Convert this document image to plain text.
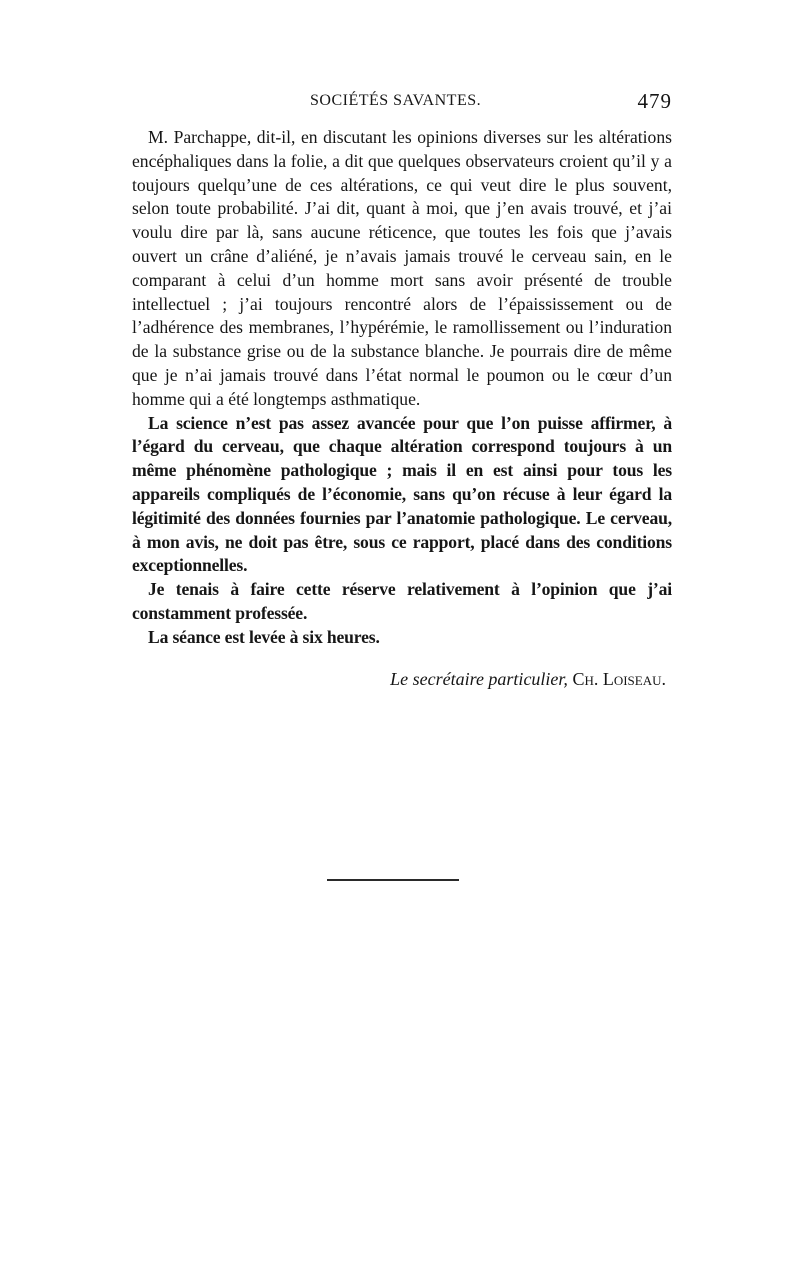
SOCIÉTÉS SAVANTES.	479

M. Parchappe, dit-il, en discutant les opinions diverses sur les altérations encéphaliques dans la folie, a dit que quelques observateurs croient qu’il y a toujours quelqu’une de ces altérations, ce qui veut dire le plus souvent, selon toute probabilité. J’ai dit, quant à moi, que j’en avais trouvé, et j’ai voulu dire par là, sans aucune réticence, que toutes les fois que j’avais ouvert un crâne d’aliéné, je n’avais jamais trouvé le cerveau sain, en le comparant à celui d’un homme mort sans avoir présenté de trouble intellectuel ; j’ai toujours rencontré alors de l’épaississement ou de l’adhérence des membranes, l’hypérémie, le ramollissement ou l’induration de la substance grise ou de la substance blanche. Je pourrais dire de même que je n’ai jamais trouvé dans l’état normal le poumon ou le cœur d’un homme qui a été longtemps asthmatique.

La science n’est pas assez avancée pour que l’on puisse affirmer, à l’égard du cerveau, que chaque altération correspond toujours à un même phénomène pathologique ; mais il en est ainsi pour tous les appareils compliqués de l’économie, sans qu’on récuse à leur égard la légitimité des données fournies par l’anatomie pathologique. Le cerveau, à mon avis, ne doit pas être, sous ce rapport, placé dans des conditions exceptionnelles.

Je tenais à faire cette réserve relativement à l’opinion que j’ai constamment professée.

La séance est levée à six heures.

Le secrétaire particulier, Ch. Loiseau.
